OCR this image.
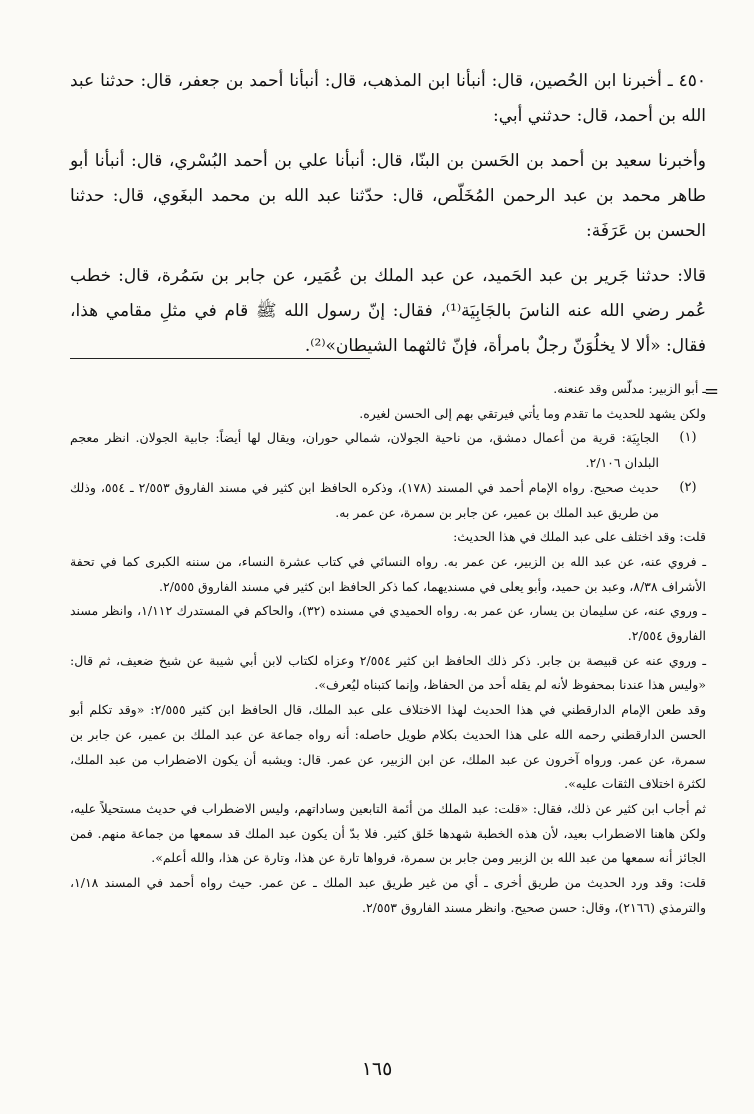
٤٥٠ ـ أخبرنا ابن الحُصين، قال: أنبأنا ابن المذهب، قال: أنبأنا أحمد بن جعفر، قال: حدثنا عبد الله بن أحمد، قال: حدثني أبي:

وأخبرنا سعيد بن أحمد بن الحَسن بن البنّا، قال: أنبأنا علي بن أحمد البُسْري، قال: أنبأنا أبو طاهر محمد بن عبد الرحمن المُخَلّص، قال: حدّثنا عبد الله بن محمد البغَوي، قال: حدثنا الحسن بن عَرَفَة:

قالا: حدثنا جَرير بن عبد الحَميد، عن عبد الملك بن عُمَير، عن جابر بن سَمُرة، قال: خطب عُمر رضي الله عنه الناسَ بالجَابِيَة⁽¹⁾، فقال: إنّ رسول الله ﷺ قام في مثلِ مقامي هذا، فقال: «ألا لا يخلُوَنّ رجلٌ بامرأة، فإنّ ثالثهما الشيطان»⁽²⁾.

=

ـ أبو الزبير: مدلّس وقد عنعنه.

ولكن يشهد للحديث ما تقدم وما يأتي فيرتقي بهم إلى الحسن لغيره.

(١)

الجابِيَة: قرية من أعمال دمشق، من ناحية الجولان، شمالي حوران، ويقال لها أيضاً: جابية الجولان. انظر معجم البلدان ٢/١٠٦.

(٢)

حديث صحيح. رواه الإمام أحمد في المسند (١٧٨)، وذكره الحافظ ابن كثير في مسند الفاروق ٢/٥٥٣ ـ ٥٥٤، وذلك من طريق عبد الملك بن عمير، عن جابر بن سمرة، عن عمر به.

قلت: وقد اختلف على عبد الملك في هذا الحديث:

ـ فروي عنه، عن عبد الله بن الزبير، عن عمر به. رواه النسائي في كتاب عشرة النساء، من سننه الكبرى كما في تحفة الأشراف ٨/٣٨، وعبد بن حميد، وأبو يعلى في مسنديهما، كما ذكر الحافظ ابن كثير في مسند الفاروق ٢/٥٥٥.

ـ وروي عنه، عن سليمان بن يسار، عن عمر به. رواه الحميدي في مسنده (٣٢)، والحاكم في المستدرك ١/١١٢، وانظر مسند الفاروق ٢/٥٥٤.

ـ وروي عنه عن قبيصة بن جابر. ذكر ذلك الحافظ ابن كثير ٢/٥٥٤ وعزاه لكتاب لابن أبي شيبة عن شيخ ضعيف، ثم قال: «وليس هذا عندنا بمحفوظ لأنه لم يقله أحد من الحفاظ، وإنما كتبناه ليُعرف».

وقد طعن الإمام الدارقطني في هذا الحديث لهذا الاختلاف على عبد الملك، قال الحافظ ابن كثير ٢/٥٥٥: «وقد تكلم أبو الحسن الدارقطني رحمه الله على هذا الحديث بكلام طويل حاصله: أنه رواه جماعة عن عبد الملك بن عمير، عن جابر بن سمرة، عن عمر. ورواه آخرون عن عبد الملك، عن ابن الزبير، عن عمر. قال: ويشبه أن يكون الاضطراب من عبد الملك، لكثرة اختلاف الثقات عليه».

ثم أجاب ابن كثير عن ذلك، فقال: «قلت: عبد الملك من أئمة التابعين وساداتهم، وليس الاضطراب في حديث مستحيلاً عليه، ولكن هاهنا الاضطراب بعيد، لأن هذه الخطبة شهدها خَلق كثير. فلا بدّ أن يكون عبد الملك قد سمعها من جماعة منهم. فمن الجائز أنه سمعها من عبد الله بن الزبير ومن جابر بن سمرة، فرواها تارة عن هذا، وتارة عن هذا، والله أعلم».

قلت: وقد ورد الحديث من طريق أخرى ـ أي من غير طريق عبد الملك ـ عن عمر. حيث رواه أحمد في المسند ١/١٨، والترمذي (٢١٦٦)، وقال: حسن صحيح. وانظر مسند الفاروق ٢/٥٥٣.

١٦٥
